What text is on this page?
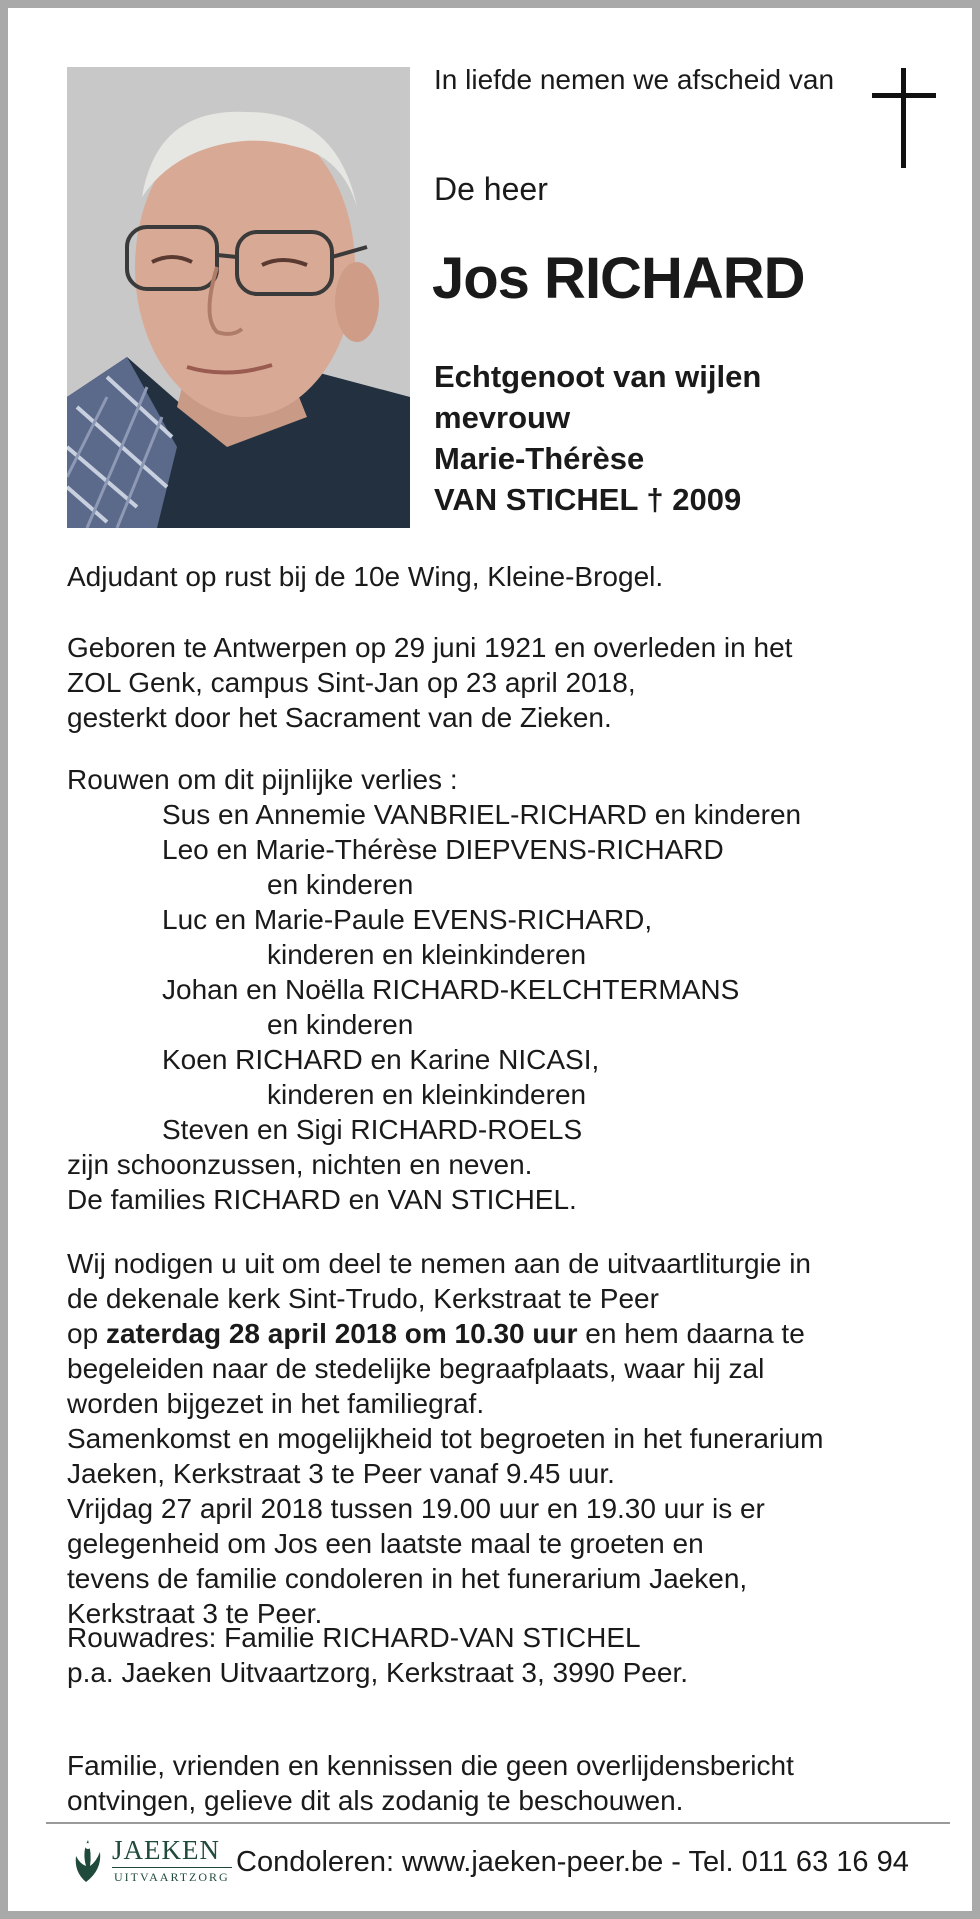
In liefde nemen we afscheid van
De heer
Jos RICHARD
Echtgenoot van wijlen
mevrouw
Marie-Thérèse
VAN STICHEL † 2009
Adjudant op rust bij de 10e Wing, Kleine-Brogel.
Geboren te Antwerpen op 29 juni 1921 en overleden in het
ZOL Genk, campus Sint-Jan op 23 april 2018,
gesterkt door het Sacrament van de Zieken.
Rouwen om dit pijnlijke verlies :
Sus en Annemie VANBRIEL-RICHARD en kinderen
Leo en Marie-Thérèse DIEPVENS-RICHARD
en kinderen
Luc en Marie-Paule EVENS-RICHARD,
kinderen en kleinkinderen
Johan en Noëlla RICHARD-KELCHTERMANS
en kinderen
Koen RICHARD en Karine NICASI,
kinderen en kleinkinderen
Steven en Sigi RICHARD-ROELS
zijn schoonzussen, nichten en neven.
De families RICHARD en VAN STICHEL.
Wij nodigen u uit om deel te nemen aan de uitvaartliturgie in
de dekenale kerk Sint-Trudo, Kerkstraat te Peer
op zaterdag 28 april 2018 om 10.30 uur en hem daarna te
begeleiden naar de stedelijke begraafplaats, waar hij zal
worden bijgezet in het familiegraf.
Samenkomst en mogelijkheid tot begroeten in het funerarium
Jaeken, Kerkstraat 3 te Peer vanaf 9.45 uur.
Vrijdag 27 april 2018 tussen 19.00 uur en 19.30 uur is er
gelegenheid om Jos een laatste maal te groeten en
tevens de familie condoleren in het funerarium Jaeken,
Kerkstraat 3 te Peer.
Rouwadres: Familie RICHARD-VAN STICHEL
p.a. Jaeken Uitvaartzorg, Kerkstraat 3, 3990 Peer.
Familie, vrienden en kennissen die geen overlijdensbericht
ontvingen, gelieve dit als zodanig te beschouwen.
JAEKEN
UITVAARTZORG Condoleren: www.jaeken-peer.be - Tel. 011 63 16 94
